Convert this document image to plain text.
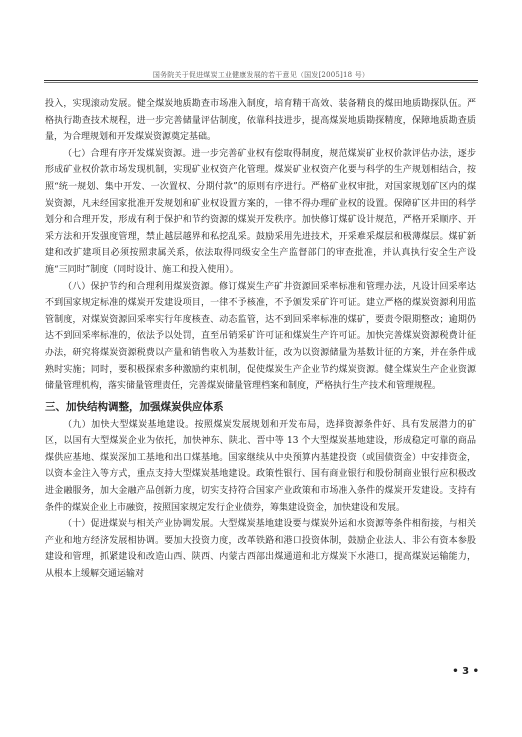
国务院关于促进煤炭工业健康发展的若干意见（国发[2005]18 号）

投入，实现滚动发展。健全煤炭地质勘查市场准入制度，培育精干高效、装备精良的煤田地质勘探队伍。严格执行勘查技术规程，进一步完善储量评估制度，依靠科技进步，提高煤炭地质勘探精度，保障地质勘查质量，为合理规划和开发煤炭资源奠定基础。

（七）合理有序开发煤炭资源。进一步完善矿业权有偿取得制度，规范煤炭矿业权价款评估办法，逐步形成矿业权价款市场发现机制，实现矿业权资产化管理。煤炭矿业权资产化要与科学的生产规划相结合，按照“统一规划、集中开发、一次置权、分期付款”的原则有序进行。严格矿业权审批，对国家规划矿区内的煤炭资源，凡未经国家批准开发规划和矿业权设置方案的，一律不得办理矿业权的设置。保障矿区井田的科学划分和合理开发，形成有利于保护和节约资源的煤炭开发秩序。加快修订煤矿设计规范，严格开采顺序、开采方法和开发强度管理，禁止越层越界和私挖乱采。鼓励采用先进技术，开采难采煤层和极薄煤层。煤矿新建和改扩建项目必须按照隶属关系，依法取得同级安全生产监督部门的审查批准，并认真执行安全生产设施“三同时”制度（同时设计、施工和投入使用）。

（八）保护节约和合理利用煤炭资源。修订煤炭生产矿井资源回采率标准和管理办法，凡设计回采率达不到国家规定标准的煤炭开发建设项目，一律不予核准，不予颁发采矿许可证。建立严格的煤炭资源利用监管制度，对煤炭资源回采率实行年度核查、动态监管，达不到回采率标准的煤矿，要责令限期整改；逾期仍达不到回采率标准的，依法予以处罚，直至吊销采矿许可证和煤炭生产许可证。加快完善煤炭资源税费计征办法，研究将煤炭资源税费以产量和销售收入为基数计征，改为以资源储量为基数计征的方案，并在条件成熟时实施；同时，要积极探索多种激励约束机制，促使煤炭生产企业节约煤炭资源。健全煤炭生产企业资源储量管理机构，落实储量管理责任，完善煤炭储量管理档案和制度，严格执行生产技术和管理规程。

三、加快结构调整，加强煤炭供应体系

（九）加快大型煤炭基地建设。按照煤炭发展规划和开发布局，选择资源条件好、具有发展潜力的矿区，以国有大型煤炭企业为依托，加快神东、陕北、晋中等 13 个大型煤炭基地建设，形成稳定可靠的商品煤供应基地、煤炭深加工基地和出口煤基地。国家继续从中央预算内基建投资（或国债资金）中安排资金，以资本金注入等方式，重点支持大型煤炭基地建设。政策性银行、国有商业银行和股份制商业银行应积极改进金融服务，加大金融产品创新力度，切实支持符合国家产业政策和市场准入条件的煤炭开发建设。支持有条件的煤炭企业上市融资，按照国家规定发行企业债券，筹集建设资金，加快建设和发展。

（十）促进煤炭与相关产业协调发展。大型煤炭基地建设要与煤炭外运和水资源等条件相衔接，与相关产业和地方经济发展相协调。要加大投资力度，改革铁路和港口投资体制，鼓励企业法人、非公有资本参股建设和管理，抓紧建设和改造山西、陕西、内蒙古西部出煤通道和北方煤炭下水港口，提高煤炭运输能力，从根本上缓解交通运输对

• 3 •
